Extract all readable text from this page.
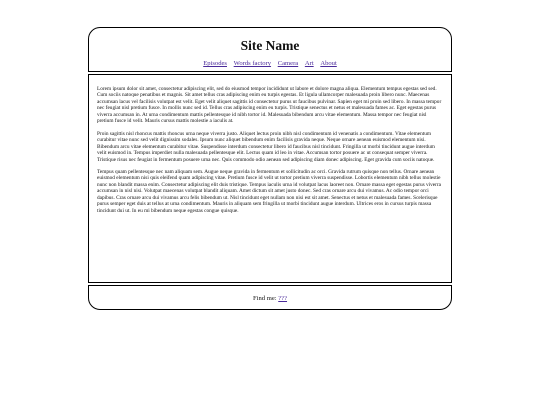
Site Name
Episodes Words factory Camera Art About

Lorem ipsum dolor sit amet, consectetur adipiscing elit, sed do eiusmod tempor incididunt ut labore et dolore magna aliqua. Elementum tempus egestas sed sed. Cum sociis natoque penatibus et magnis. Sit amet tellus cras adipiscing enim eu turpis egestas. Et ligula ullamcorper malesuada proin libero nunc. Maecenas accumsan lacus vel facilisis volutpat est velit. Eget velit aliquet sagittis id consectetur purus ut faucibus pulvinar. Sapien eget mi proin sed libero. In massa tempor nec feugiat nisl pretium fusce. In mollis nunc sed id. Tellus cras adipiscing enim eu turpis. Tristique senectus et netus et malesuada fames ac. Eget egestas purus viverra accumsan in. At urna condimentum mattis pellentesque id nibh tortor id. Malesuada bibendum arcu vitae elementum. Massa tempor nec feugiat nisl pretium fusce id velit. Mauris cursus mattis molestie a iaculis at.

Proin sagittis nisl rhoncus mattis rhoncus urna neque viverra justo. Aliquet lectus proin nibh nisl condimentum id venenatis a condimentum. Vitae elementum curabitur vitae nunc sed velit dignissim sodales. Ipsum nunc aliquet bibendum enim facilisis gravida neque. Neque ornare aenean euismod elementum nisi. Bibendum arcu vitae elementum curabitur vitae. Suspendisse interdum consectetur libero id faucibus nisl tincidunt. Fringilla ut morbi tincidunt augue interdum velit euismod in. Tempus imperdiet nulla malesuada pellentesque elit. Lectus quam id leo in vitae. Accumsan tortor posuere ac ut consequat semper viverra. Tristique risus nec feugiat in fermentum posuere urna nec. Quis commodo odio aenean sed adipiscing diam donec adipiscing. Eget gravida cum sociis natoque.

Tempus quam pellentesque nec nam aliquam sem. Augue neque gravida in fermentum et sollicitudin ac orci. Gravida rutrum quisque non tellus. Ornare aenean euismod elementum nisi quis eleifend quam adipiscing vitae. Pretium fusce id velit ut tortor pretium viverra suspendisse. Lobortis elementum nibh tellus molestie nunc non blandit massa enim. Consectetur adipiscing elit duis tristique. Tempus iaculis urna id volutpat lacus laoreet non. Ornare massa eget egestas purus viverra accumsan in nisl nisi. Volutpat maecenas volutpat blandit aliquam. Amet dictum sit amet justo donec. Sed cras ornare arcu dui vivamus. Ac odio tempor orci dapibus. Cras ornare arcu dui vivamus arcu felis bibendum ut. Nisl tincidunt eget nullam non nisi est sit amet. Senectus et netus et malesuada fames. Scelerisque purus semper eget duis at tellus at urna condimentum. Mauris in aliquam sem fringilla ut morbi tincidunt augue interdum. Ultrices eros in cursus turpis massa tincidunt dui ut. In eu mi bibendum neque egestas congue quisque.

Find me: ???
